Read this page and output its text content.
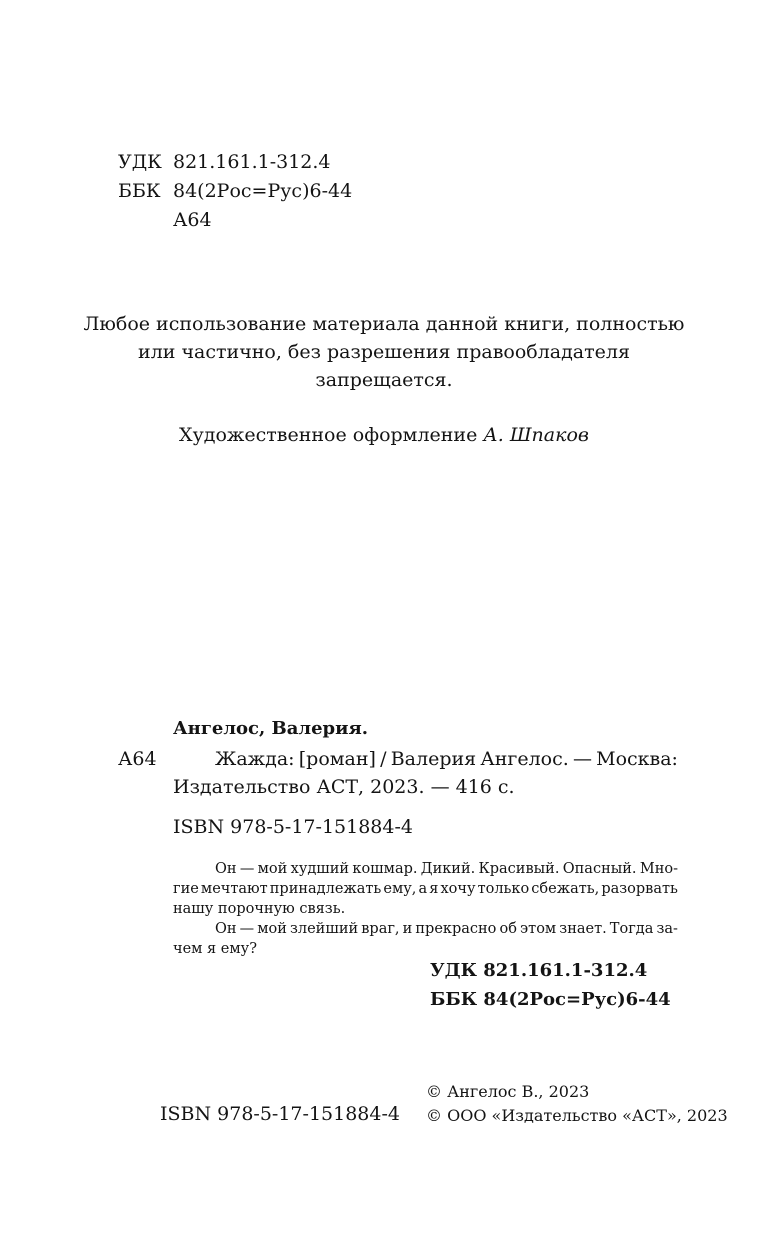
УДК 821.161.1-312.4
ББК 84(2Рос=Рус)6-44
А64
Любое использование материала данной книги, полностью
или частично, без разрешения правообладателя
запрещается.
Художественное оформление А. Шпаков
Ангелос, Валерия.
А64	Жажда: [роман] / Валерия Ангелос. — Москва:
Издательство АСТ, 2023. — 416 с.
ISBN 978-5-17-151884-4
Он — мой худший кошмар. Дикий. Красивый. Опасный. Мно-
гие мечтают принадлежать ему, а я хочу только сбежать, разорвать
нашу порочную связь.
Он — мой злейший враг, и прекрасно об этом знает. Тогда за-
чем я ему?
УДК 821.161.1-312.4
ББК 84(2Рос=Рус)6-44
ISBN 978-5-17-151884-4
© Ангелос В., 2023
© ООО «Издательство «АСТ», 2023
